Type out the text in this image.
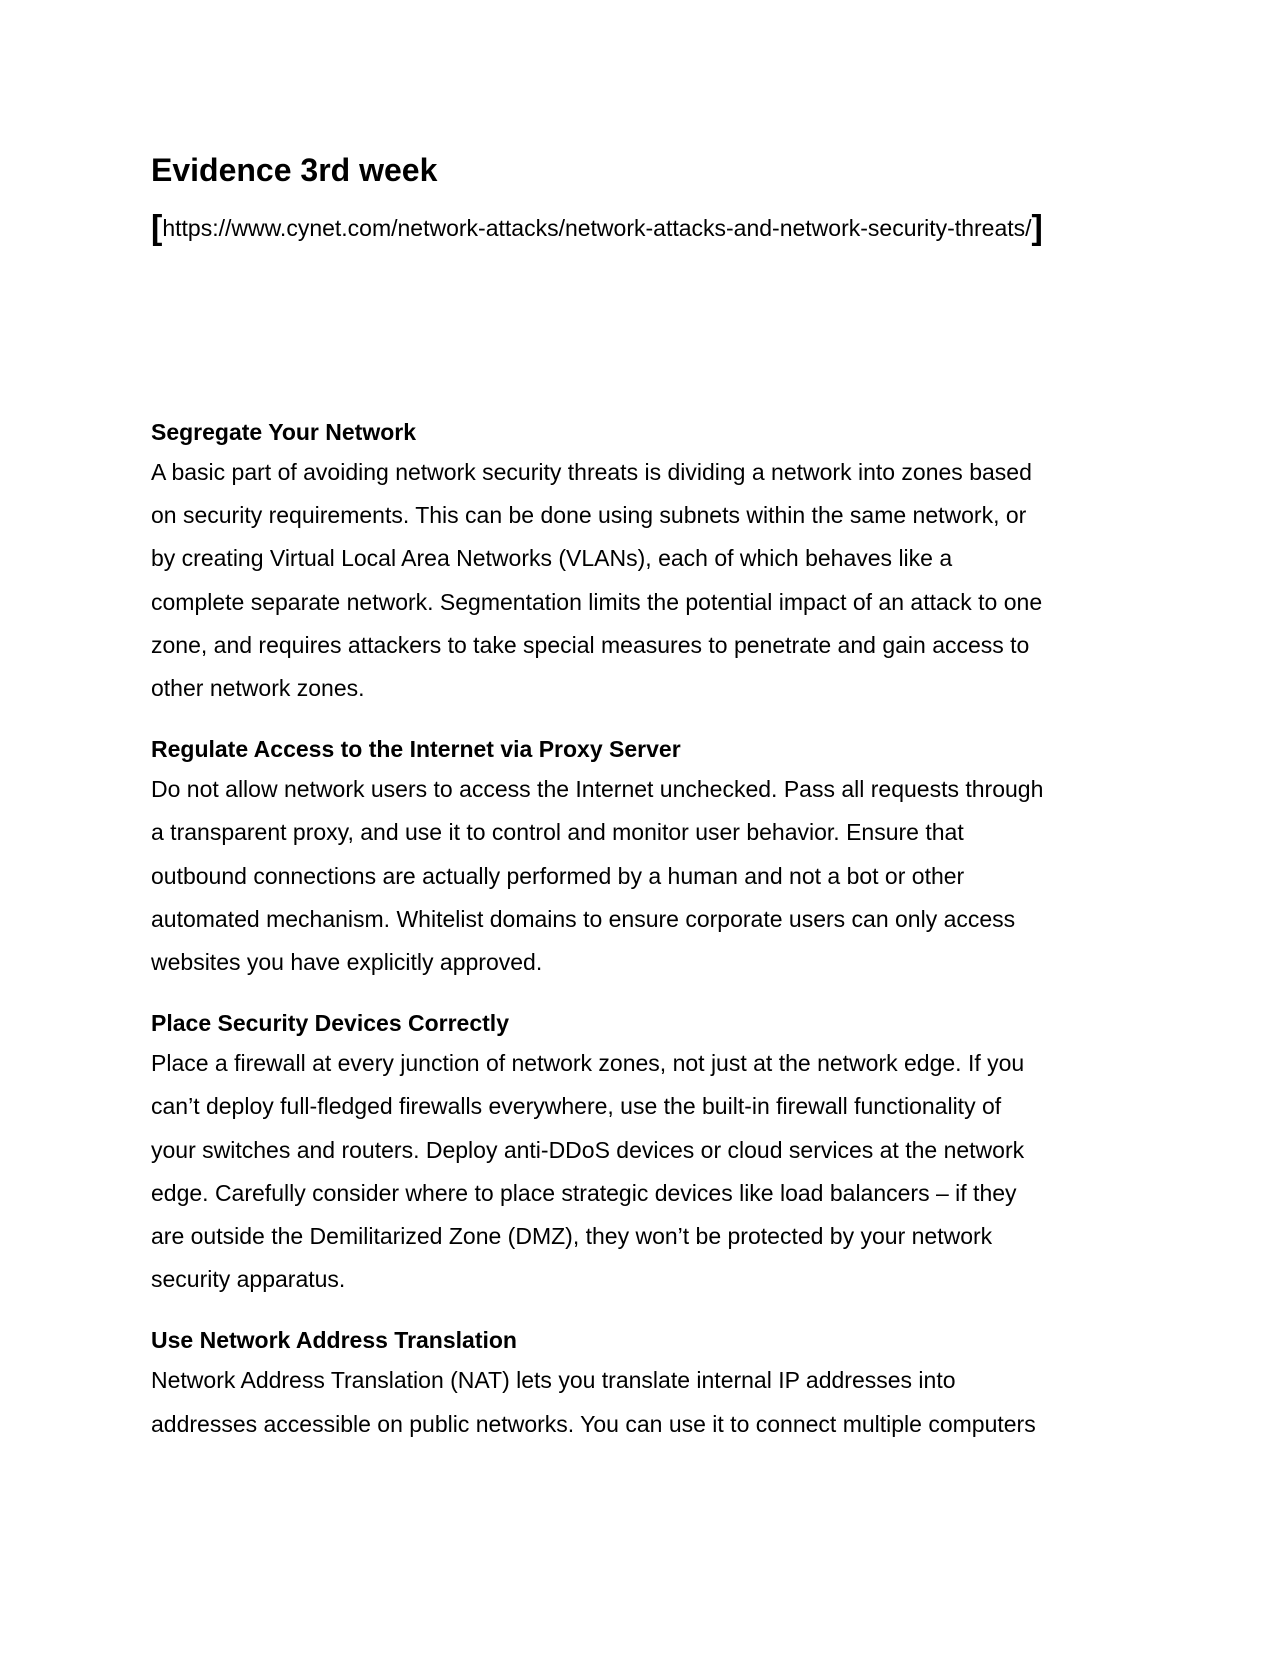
Evidence 3rd week
[https://www.cynet.com/network-attacks/network-attacks-and-network-security-threats/]
Segregate Your Network

A basic part of avoiding network security threats is dividing a network into zones based
on security requirements. This can be done using subnets within the same network, or
by creating Virtual Local Area Networks (VLANs), each of which behaves like a
complete separate network. Segmentation limits the potential impact of an attack to one
zone, and requires attackers to take special measures to penetrate and gain access to
other network zones.

Regulate Access to the Internet via Proxy Server

Do not allow network users to access the Internet unchecked. Pass all requests through
a transparent proxy, and use it to control and monitor user behavior. Ensure that
outbound connections are actually performed by a human and not a bot or other
automated mechanism. Whitelist domains to ensure corporate users can only access
websites you have explicitly approved.

Place Security Devices Correctly

Place a firewall at every junction of network zones, not just at the network edge. If you
can’t deploy full-fledged firewalls everywhere, use the built-in firewall functionality of
your switches and routers. Deploy anti-DDoS devices or cloud services at the network
edge. Carefully consider where to place strategic devices like load balancers – if they
are outside the Demilitarized Zone (DMZ), they won’t be protected by your network
security apparatus.

Use Network Address Translation

Network Address Translation (NAT) lets you translate internal IP addresses into
addresses accessible on public networks. You can use it to connect multiple computers
